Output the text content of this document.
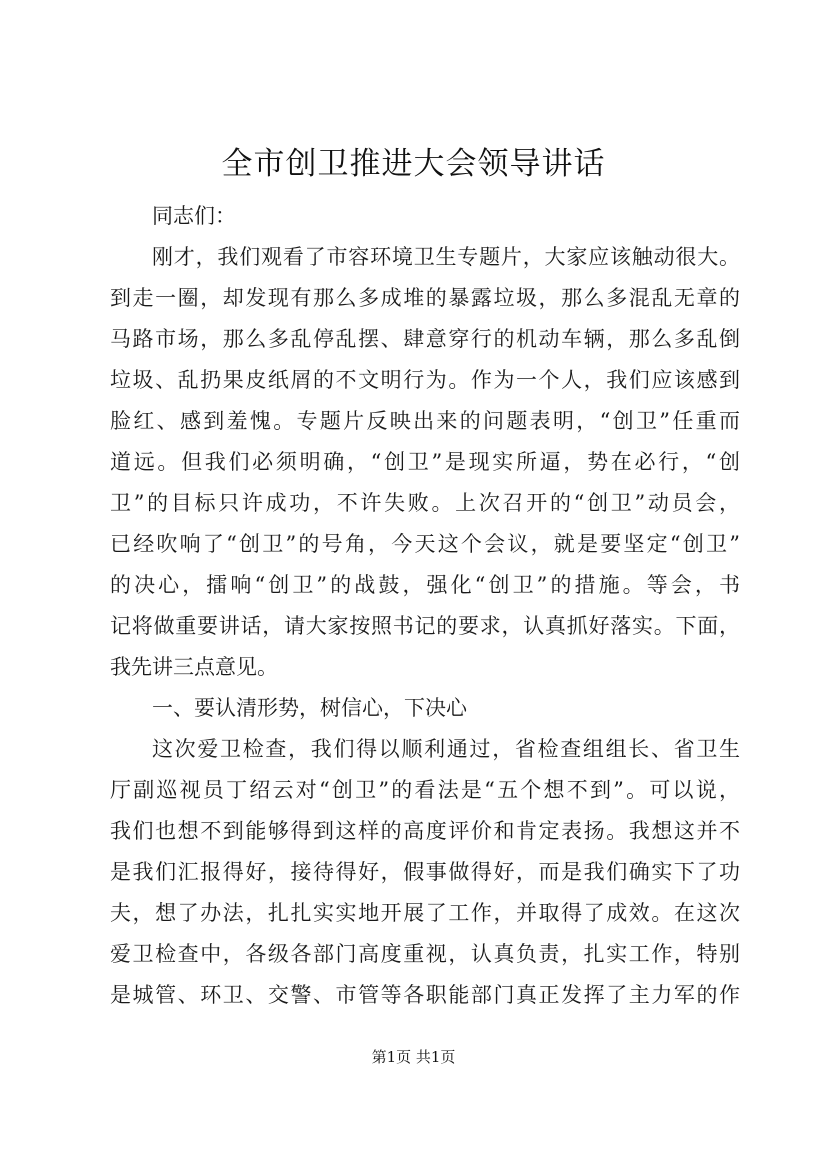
全市创卫推进大会领导讲话
同志们：
刚才，我们观看了市容环境卫生专题片，大家应该触动很大。
到走一圈，却发现有那么多成堆的暴露垃圾，那么多混乱无章的
马路市场，那么多乱停乱摆、肆意穿行的机动车辆，那么多乱倒
垃圾、乱扔果皮纸屑的不文明行为。作为一个人，我们应该感到
脸红、感到羞愧。专题片反映出来的问题表明，“创卫”任重而
道远。但我们必须明确，“创卫”是现实所逼，势在必行，“创
卫”的目标只许成功，不许失败。上次召开的“创卫”动员会，
已经吹响了“创卫”的号角，今天这个会议，就是要坚定“创卫”
的决心，擂响“创卫”的战鼓，强化“创卫”的措施。等会，书
记将做重要讲话，请大家按照书记的要求，认真抓好落实。下面，
我先讲三点意见。
一、要认清形势，树信心，下决心
这次爱卫检查，我们得以顺利通过，省检查组组长、省卫生
厅副巡视员丁绍云对“创卫”的看法是“五个想不到”。可以说，
我们也想不到能够得到这样的高度评价和肯定表扬。我想这并不
是我们汇报得好，接待得好，假事做得好，而是我们确实下了功
夫，想了办法，扎扎实实地开展了工作，并取得了成效。在这次
爱卫检查中，各级各部门高度重视，认真负责，扎实工作，特别
是城管、环卫、交警、市管等各职能部门真正发挥了主力军的作
第1页 共1页
